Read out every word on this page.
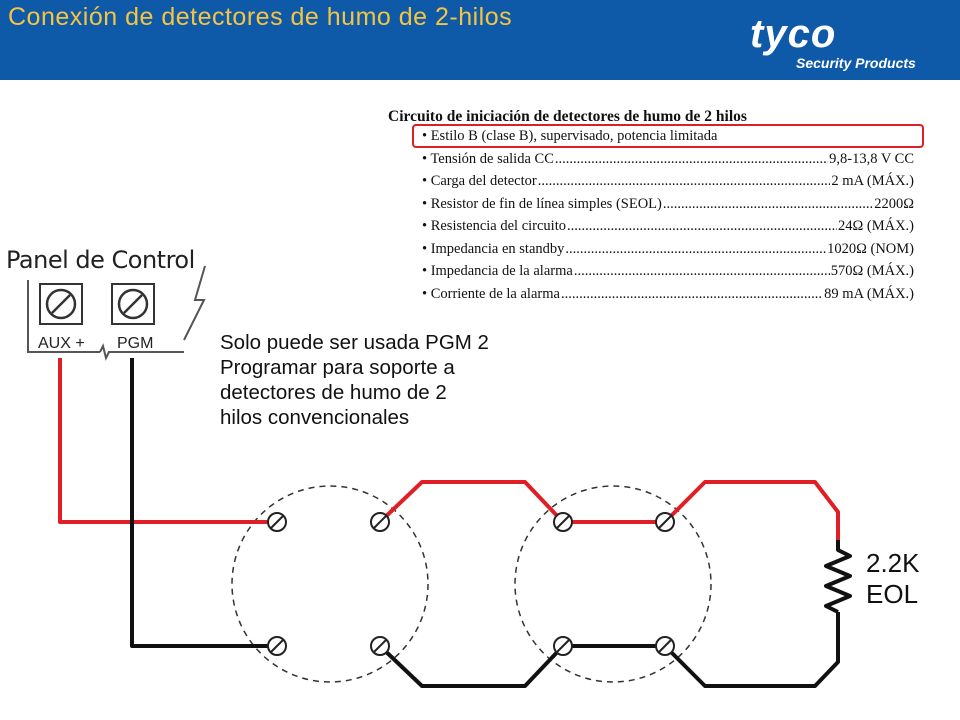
Conexión de detectores de humo de 2-hilos	tyco
Security Products
Circuito de iniciación de detectores de humo de 2 hilos
• Estilo B (clase B), supervisado, potencia limitada
• Tensión de salida CC .....	9,8-13,8 V CC
• Carga del detector .....	2 mA (MÁX.)
• Resistor de fin de línea simples (SEOL) .....	2200Ω
• Resistencia del circuito .....	24Ω (MÁX.)
• Impedancia en standby .....	1020Ω (NOM)
• Impedancia de la alarma .....	570Ω (MÁX.)
• Corriente de la alarma .....	89 mA (MÁX.)
Panel de Control
Solo puede ser usada PGM 2
Programar para soporte a
detectores de humo de 2
hilos convencionales
2.2K
EOL
AUX + PGM
